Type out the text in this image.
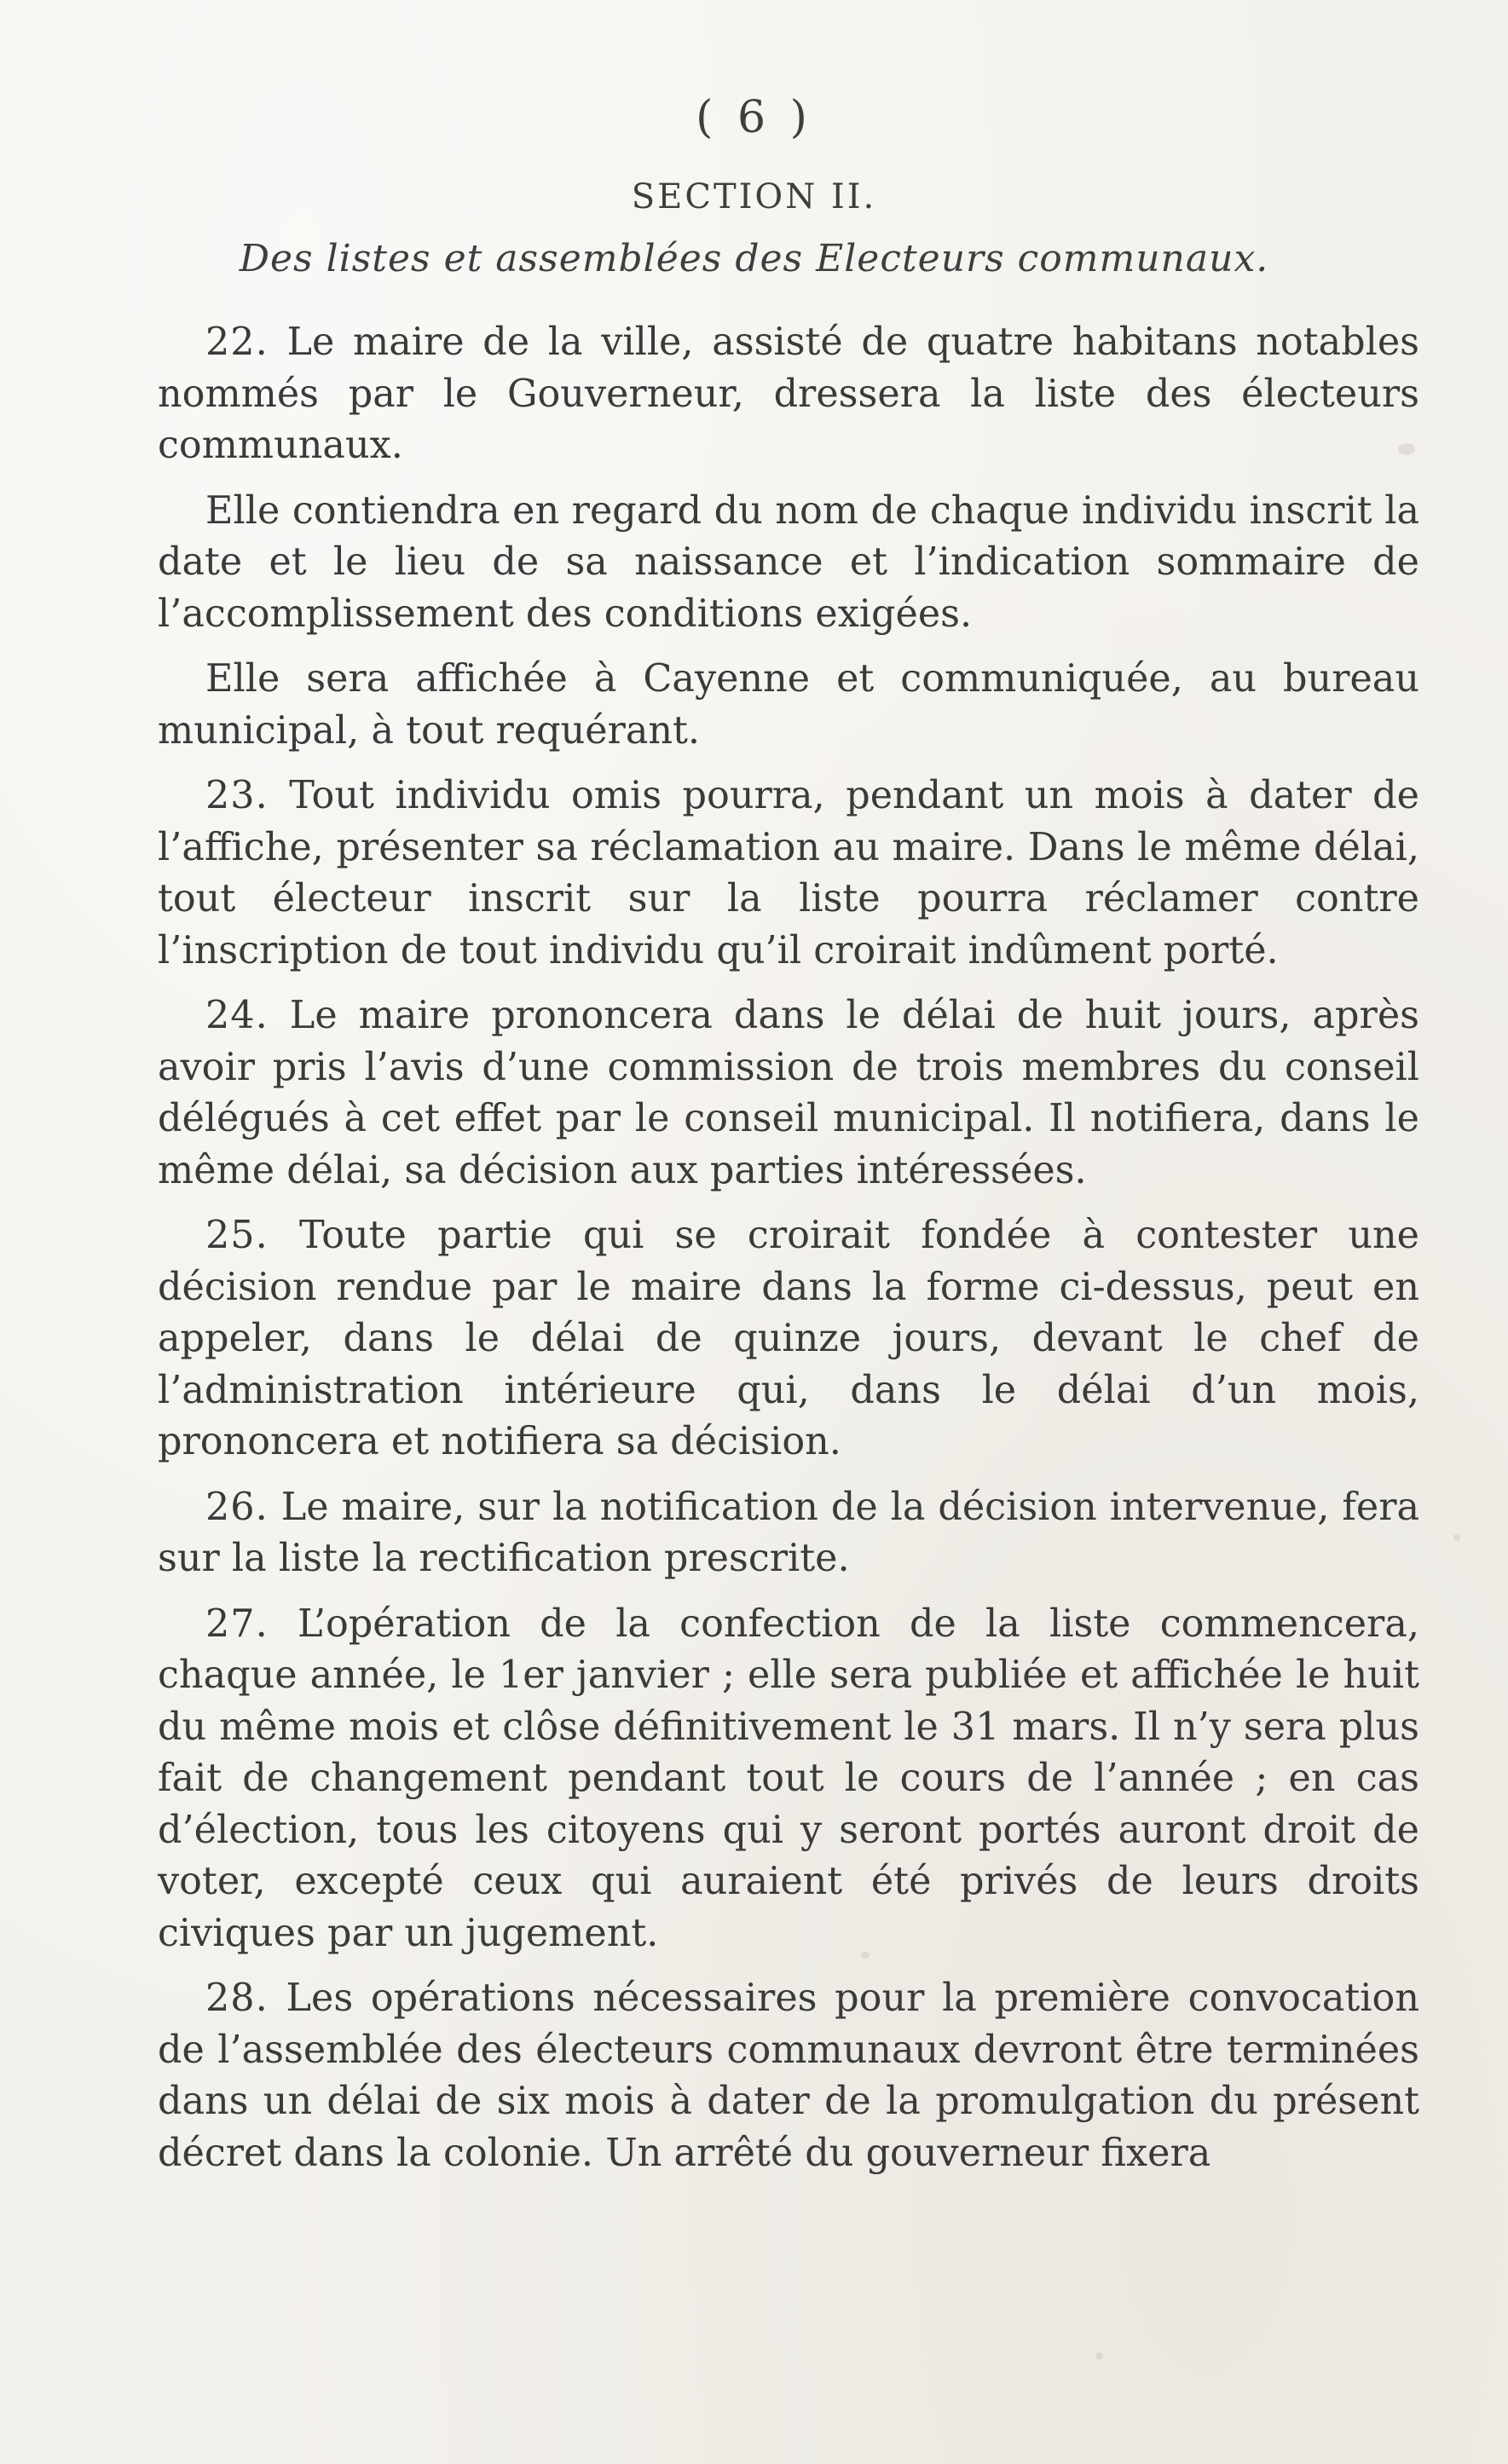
( 6 )
SECTION II.
Des listes et assemblées des Electeurs communaux.

22. Le maire de la ville, assisté de quatre habitans notables nommés par le Gouverneur, dressera la liste des électeurs communaux.

Elle contiendra en regard du nom de chaque individu inscrit la date et le lieu de sa naissance et l’indication sommaire de l’accomplissement des conditions exigées.

Elle sera affichée à Cayenne et communiquée, au bureau municipal, à tout requérant.

23. Tout individu omis pourra, pendant un mois à dater de l’affiche, présenter sa réclamation au maire. Dans le même délai, tout électeur inscrit sur la liste pourra réclamer contre l’inscription de tout individu qu’il croirait indûment porté.

24. Le maire prononcera dans le délai de huit jours, après avoir pris l’avis d’une commission de trois membres du conseil délégués à cet effet par le conseil municipal. Il notifiera, dans le même délai, sa décision aux parties intéressées.

25. Toute partie qui se croirait fondée à contester une décision rendue par le maire dans la forme ci-dessus, peut en appeler, dans le délai de quinze jours, devant le chef de l’administration intérieure qui, dans le délai d’un mois, prononcera et notifiera sa décision.

26. Le maire, sur la notification de la décision intervenue, fera sur la liste la rectification prescrite.

27. L’opération de la confection de la liste commencera, chaque année, le 1er janvier ; elle sera publiée et affichée le huit du même mois et clôse définitivement le 31 mars. Il n’y sera plus fait de changement pendant tout le cours de l’année ; en cas d’élection, tous les citoyens qui y seront portés auront droit de voter, excepté ceux qui auraient été privés de leurs droits civiques par un jugement.

28. Les opérations nécessaires pour la première convocation de l’assemblée des électeurs communaux devront être terminées dans un délai de six mois à dater de la promulgation du présent décret dans la colonie. Un arrêté du gouverneur fixera
